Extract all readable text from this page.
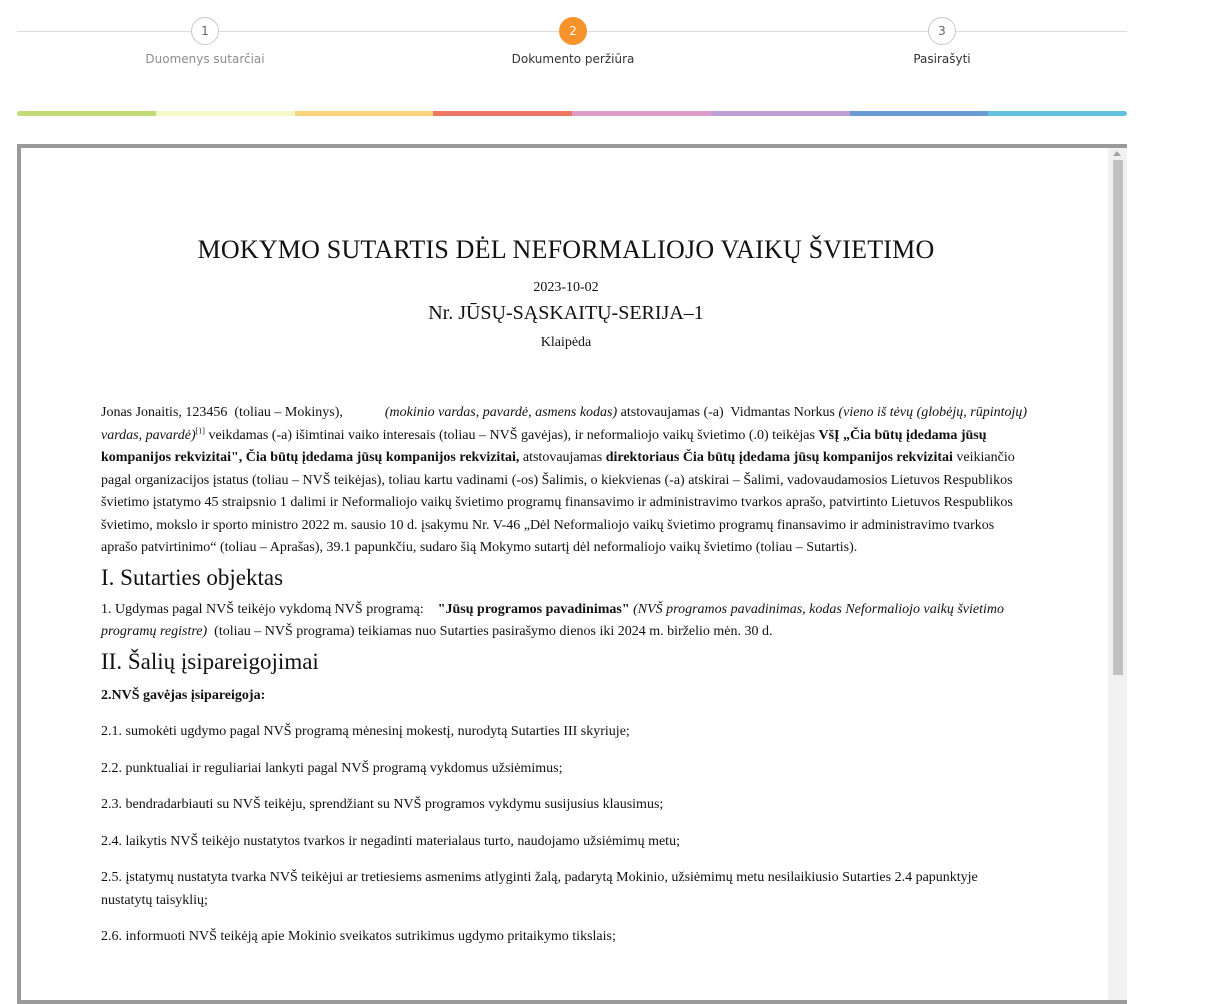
1
Duomenys sutarčiai
2
Dokumento peržiūra
3
Pasirašyti
MOKYMO SUTARTIS DĖL NEFORMALIOJO VAIKŲ ŠVIETIMO
2023-10-02
Nr. JŪSŲ-SĄSKAITŲ-SERIJA–1
Klaipėda

Jonas Jonaitis, 123456 (toliau – Mokinys),	(mokinio vardas, pavardė, asmens kodas) atstovaujamas (-a) Vidmantas Norkus (vieno iš tėvų (globėjų, rūpintojų) vardas, pavardė)[1] veikdamas (-a) išimtinai vaiko interesais (toliau – NVŠ gavėjas), ir neformaliojo vaikų švietimo (.0) teikėjas VšĮ „Čia būtų įdedama jūsų kompanijos rekvizitai", Čia būtų įdedama jūsų kompanijos rekvizitai, atstovaujamas direktoriaus Čia būtų įdedama jūsų kompanijos rekvizitai veikiančio pagal organizacijos įstatus (toliau – NVŠ teikėjas), toliau kartu vadinami (-os) Šalimis, o kiekvienas (-a) atskirai – Šalimi, vadovaudamosios Lietuvos Respublikos švietimo įstatymo 45 straipsnio 1 dalimi ir Neformaliojo vaikų švietimo programų finansavimo ir administravimo tvarkos aprašo, patvirtinto Lietuvos Respublikos švietimo, mokslo ir sporto ministro 2022 m. sausio 10 d. įsakymu Nr. V-46 „Dėl Neformaliojo vaikų švietimo programų finansavimo ir administravimo tvarkos aprašo patvirtinimo“ (toliau – Aprašas), 39.1 papunkčiu, sudaro šią Mokymo sutartį dėl neformaliojo vaikų švietimo (toliau – Sutartis).

I. Sutarties objektas

1. Ugdymas pagal NVŠ teikėjo vykdomą NVŠ programą: "Jūsų programos pavadinimas" (NVŠ programos pavadinimas, kodas Neformaliojo vaikų švietimo programų registre) (toliau – NVŠ programa) teikiamas nuo Sutarties pasirašymo dienos iki 2024 m. birželio mėn. 30 d.

II. Šalių įsipareigojimai

2.NVŠ gavėjas įsipareigoja:

2.1. sumokėti ugdymo pagal NVŠ programą mėnesinį mokestį, nurodytą Sutarties III skyriuje;

2.2. punktualiai ir reguliariai lankyti pagal NVŠ programą vykdomus užsiėmimus;

2.3. bendradarbiauti su NVŠ teikėju, sprendžiant su NVŠ programos vykdymu susijusius klausimus;

2.4. laikytis NVŠ teikėjo nustatytos tvarkos ir negadinti materialaus turto, naudojamo užsiėmimų metu;

2.5. įstatymų nustatyta tvarka NVŠ teikėjui ar tretiesiems asmenims atlyginti žalą, padarytą Mokinio, užsiėmimų metu nesilaikiusio Sutarties 2.4 papunktyje nustatytų taisyklių;

2.6. informuoti NVŠ teikėją apie Mokinio sveikatos sutrikimus ugdymo pritaikymo tikslais;
